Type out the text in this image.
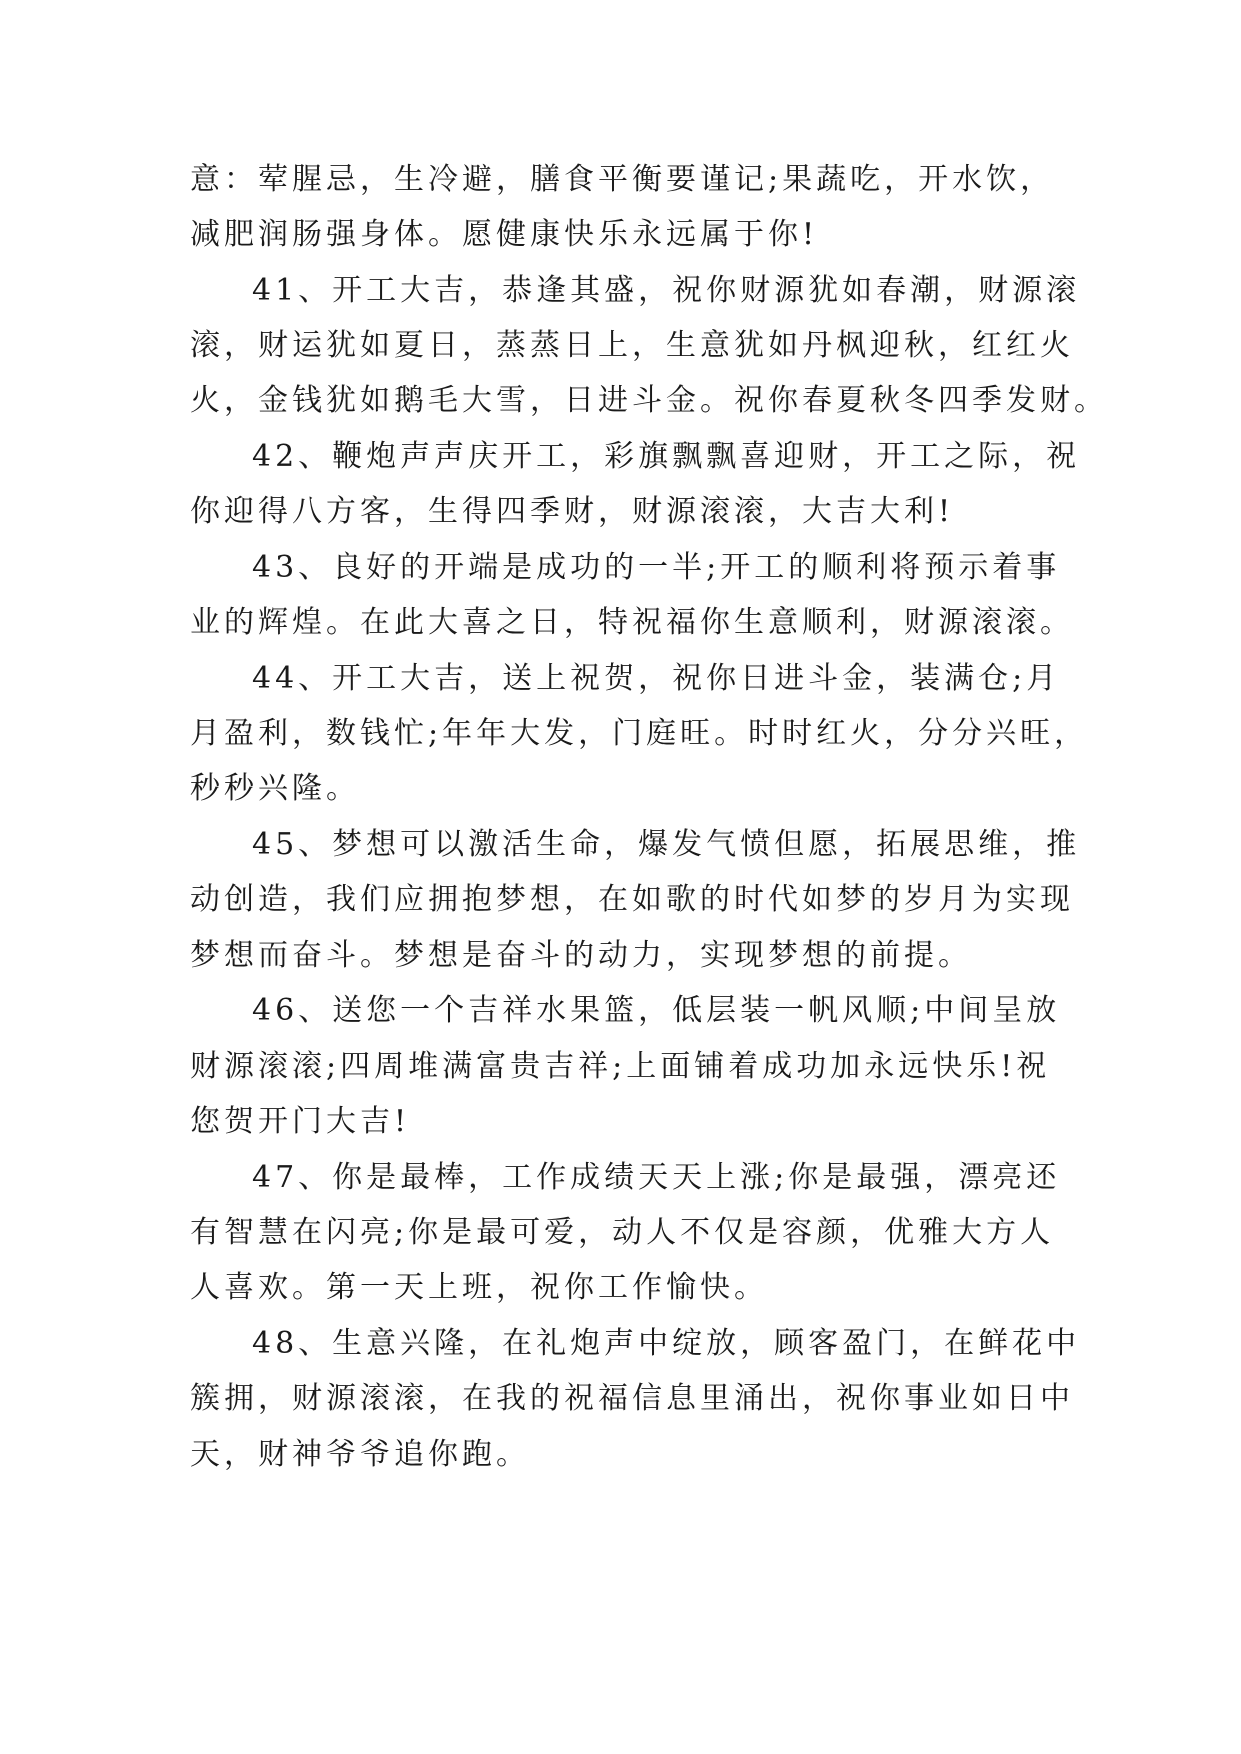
意：荤腥忌，生冷避，膳食平衡要谨记;果蔬吃，开水饮，
减肥润肠强身体。愿健康快乐永远属于你!
41、开工大吉，恭逢其盛，祝你财源犹如春潮，财源滚
滚，财运犹如夏日，蒸蒸日上，生意犹如丹枫迎秋，红红火
火，金钱犹如鹅毛大雪，日进斗金。祝你春夏秋冬四季发财。
42、鞭炮声声庆开工，彩旗飘飘喜迎财，开工之际，祝
你迎得八方客，生得四季财，财源滚滚，大吉大利!
43、良好的开端是成功的一半;开工的顺利将预示着事
业的辉煌。在此大喜之日，特祝福你生意顺利，财源滚滚。
44、开工大吉，送上祝贺，祝你日进斗金，装满仓;月
月盈利，数钱忙;年年大发，门庭旺。时时红火，分分兴旺，
秒秒兴隆。
45、梦想可以激活生命，爆发气愤但愿，拓展思维，推
动创造，我们应拥抱梦想，在如歌的时代如梦的岁月为实现
梦想而奋斗。梦想是奋斗的动力，实现梦想的前提。
46、送您一个吉祥水果篮，低层装一帆风顺;中间呈放
财源滚滚;四周堆满富贵吉祥;上面铺着成功加永远快乐!祝
您贺开门大吉!
47、你是最棒，工作成绩天天上涨;你是最强，漂亮还
有智慧在闪亮;你是最可爱，动人不仅是容颜，优雅大方人
人喜欢。第一天上班，祝你工作愉快。
48、生意兴隆，在礼炮声中绽放，顾客盈门，在鲜花中
簇拥，财源滚滚，在我的祝福信息里涌出，祝你事业如日中
天，财神爷爷追你跑。
